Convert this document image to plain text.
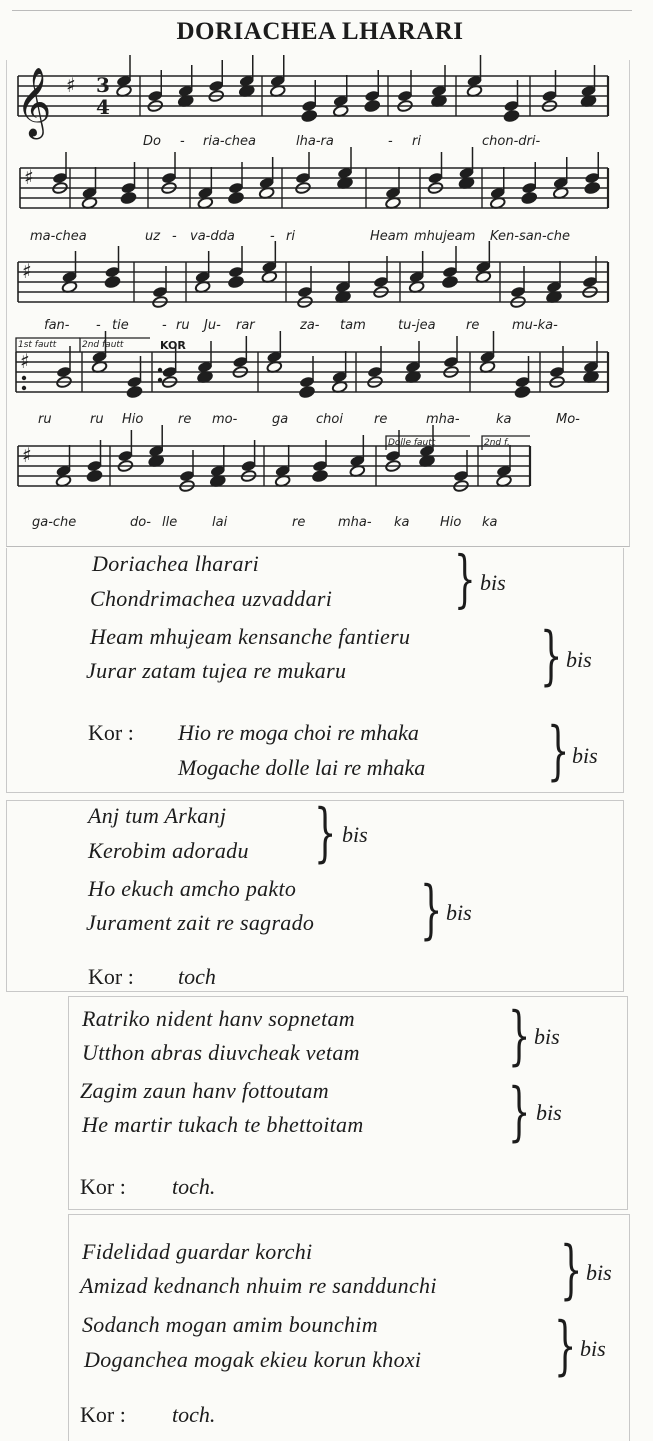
DORIACHEA LHARARI
♯
♯
♯
♯
♯
𝄞 3
4
KOR
1st fautt	2nd fautt
Dolle fautt	2nd f.
Do - ria-chea	lha-ra	- ri	chon-dri-
ma-chea	uz - va-dda	- ri	Heam mhujeam Ken-san-che
fan- - tie	- ru Ju- rar	za- tam tu-jea re	mu-ka-
ru	ru Hio	re mo-	ga choi re	mha-	ka	Mo-
ga-che	do- lle	lai	re	mha- ka Hio ka
Doriachea lharari
Chondrimachea uzvaddari } bis
Heam mhujeam kensanche fantieru
Jurar zatam tujea re mukaru	} bis
Kor : Hio re moga choi re mhaka
Mogache dolle lai re mhaka } bis
Anj tum Arkanj
Kerobim adoradu } bis
Ho ekuch amcho pakto
Jurament zait re sagrado } bis
Kor : toch
Ratriko nident hanv sopnetam
Utthon abras diuvcheak vetam } bis
Zagim zaun hanv fottoutam
He martir tukach te bhettoitam } bis
Kor : toch.
Fidelidad guardar korchi
Amizad kednanch nhuim re sanddunchi } bis
Sodanch mogan amim bounchim
Doganchea mogak ekieu korun khoxi } bis
Kor : toch.
